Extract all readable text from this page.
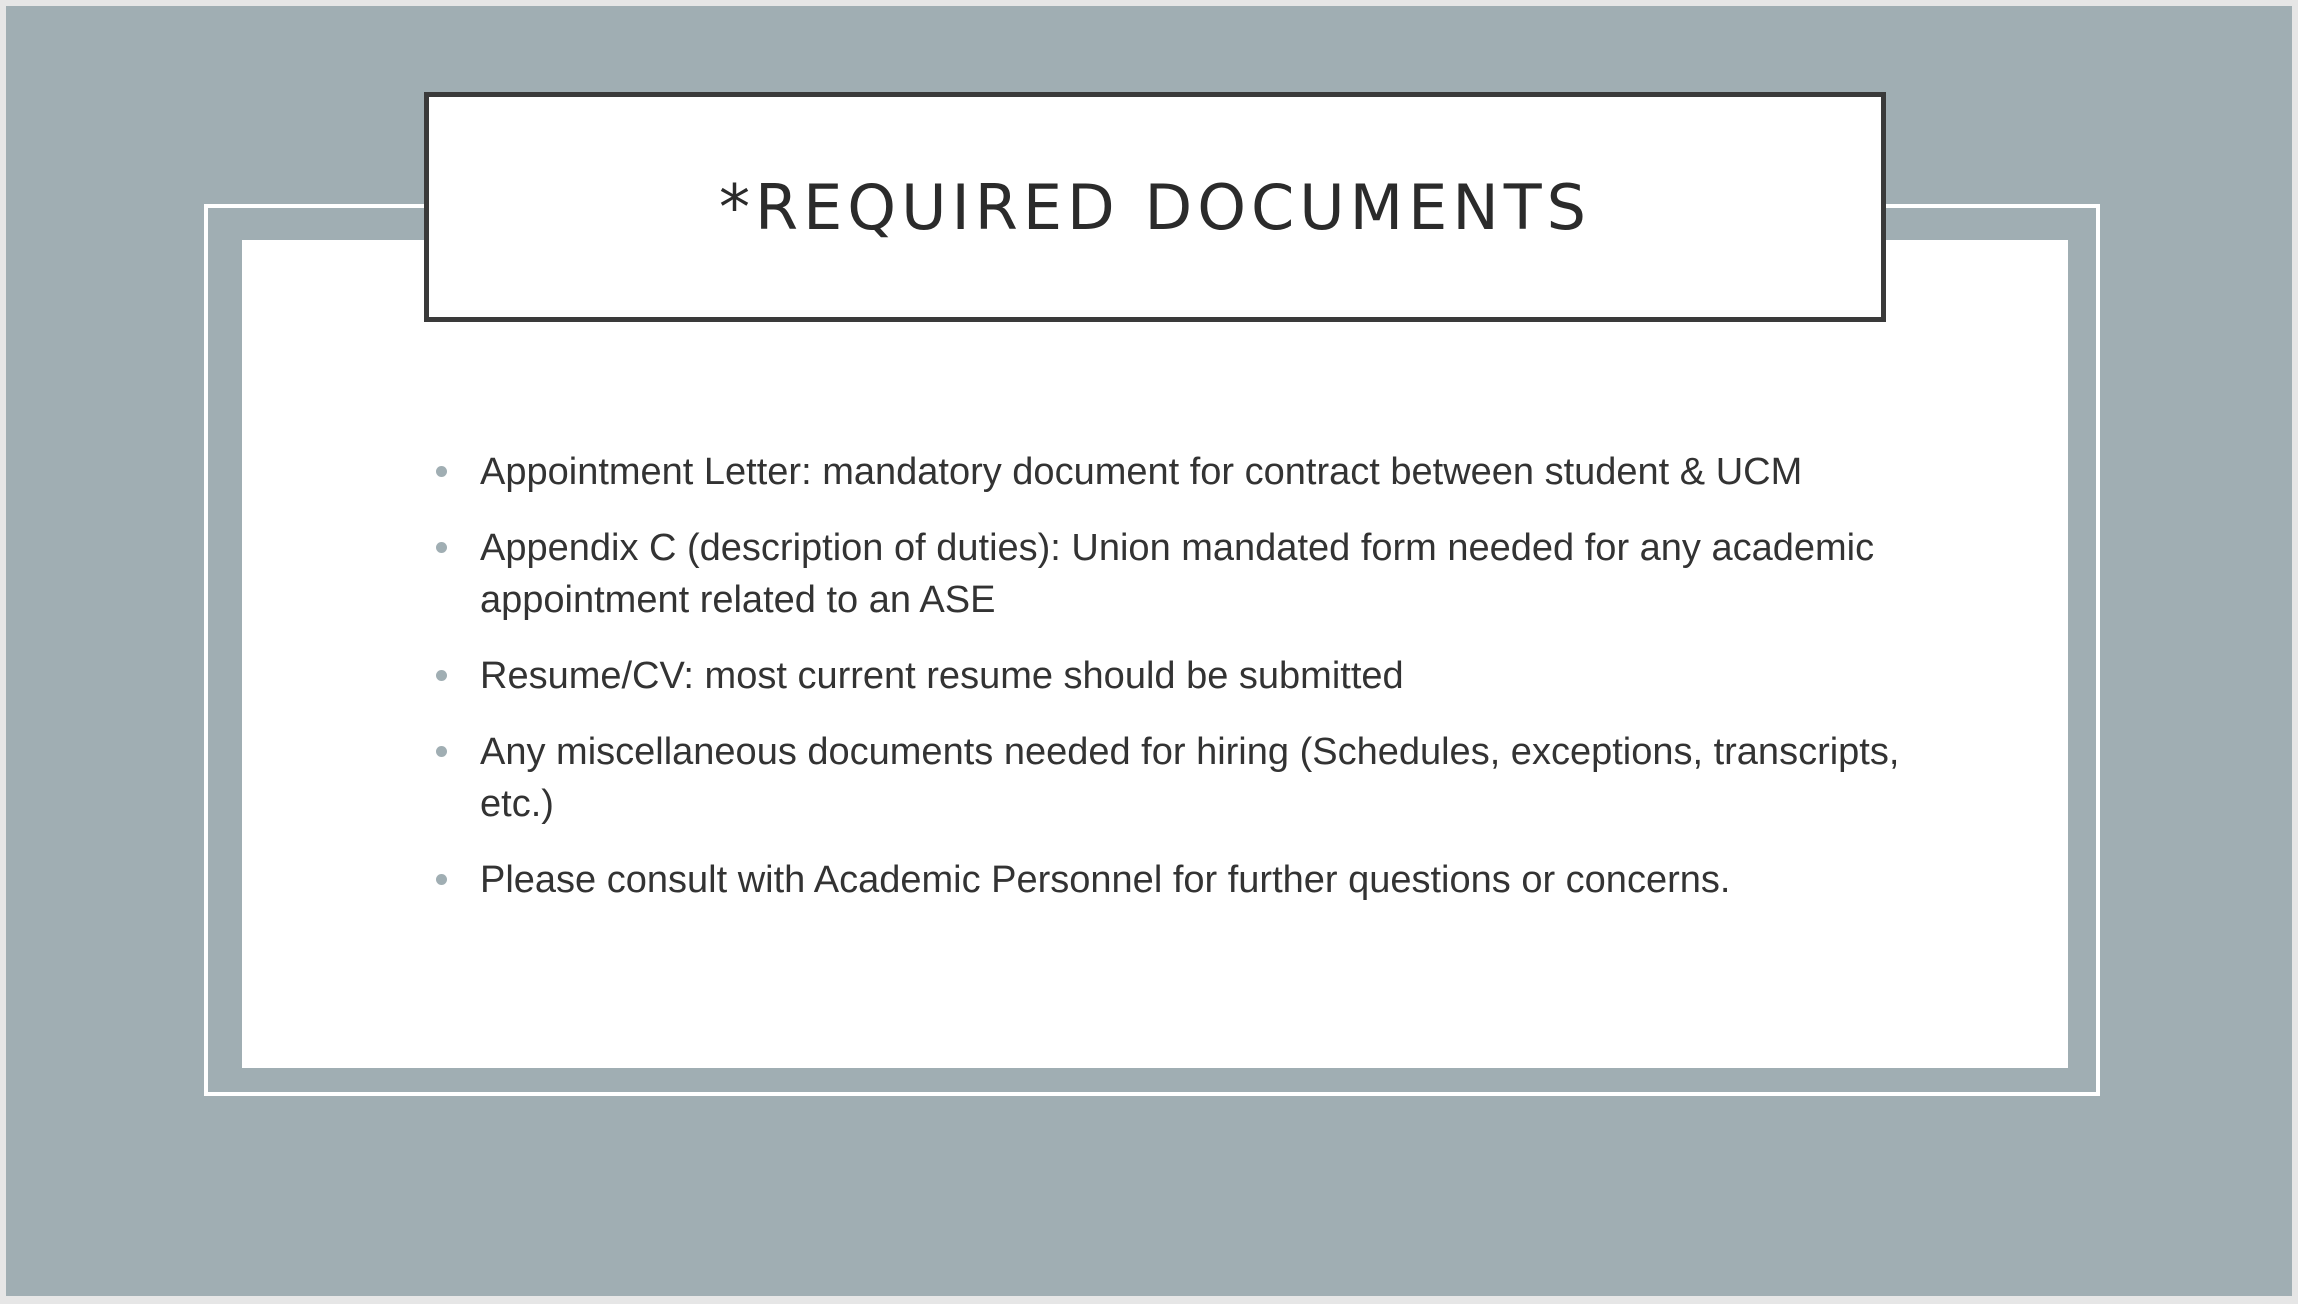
*REQUIRED DOCUMENTS
Appointment Letter: mandatory document for contract between student & UCM
Appendix C (description of duties): Union mandated form needed for any academic appointment related to an ASE
Resume/CV: most current resume should be submitted
Any miscellaneous documents needed for hiring (Schedules, exceptions, transcripts, etc.)
Please consult with Academic Personnel for further questions or concerns.
